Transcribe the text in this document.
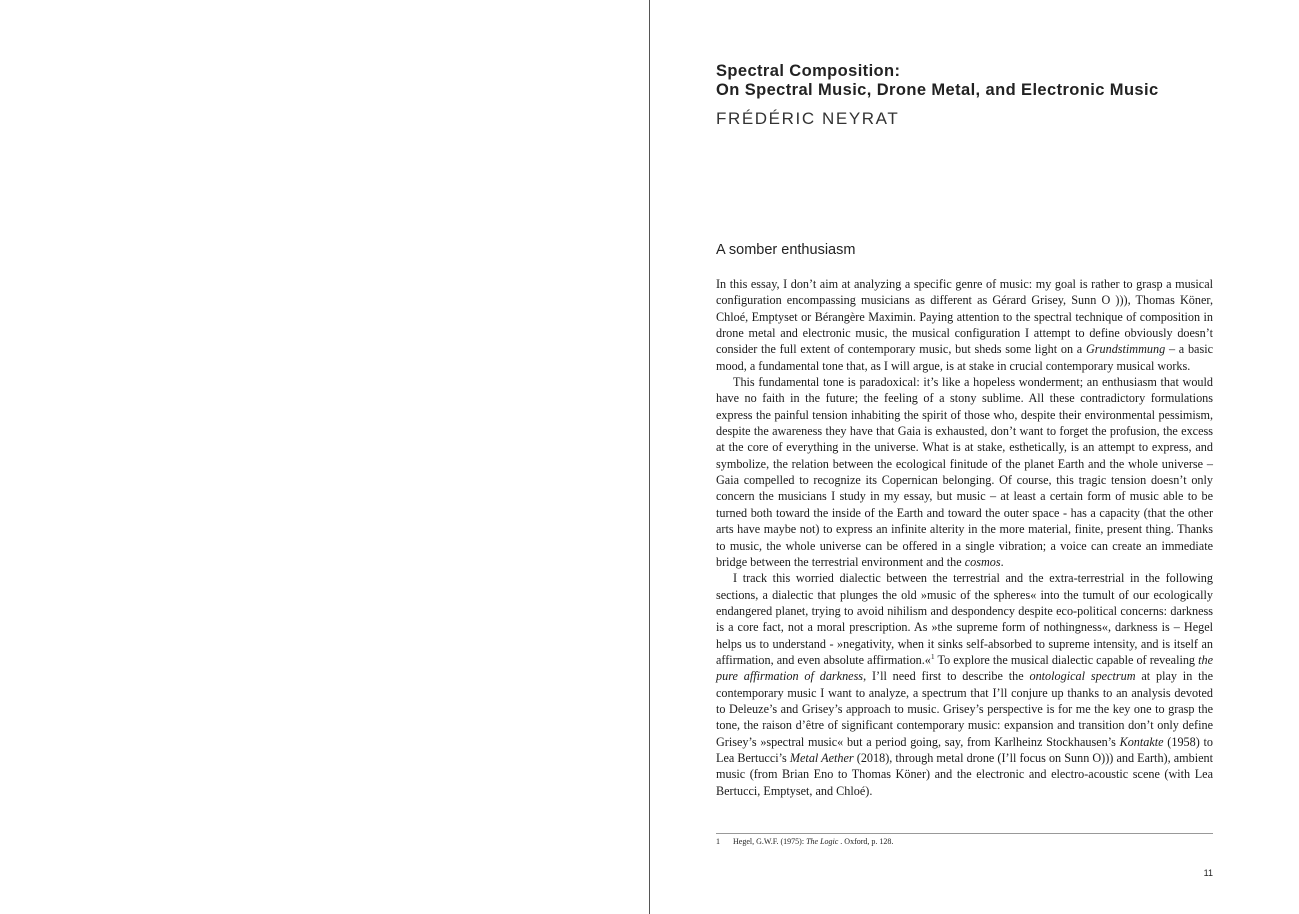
Spectral Composition:
On Spectral Music, Drone Metal, and Electronic Music
FRÉDÉRIC NEYRAT
A somber enthusiasm

In this essay, I don’t aim at analyzing a specific genre of music: my goal is rather to grasp a musical configuration encompassing musicians as different as Gérard Grisey, Sunn O ))), Thomas Köner, Chloé, Emptyset or Bérangère Maximin. Paying attention to the spectral technique of composition in drone metal and electronic music, the musical configuration I attempt to define obviously doesn’t consider the full extent of contemporary music, but sheds some light on a Grundstimmung – a basic mood, a fundamental tone that, as I will argue, is at stake in crucial contemporary musical works.

This fundamental tone is paradoxical: it’s like a hopeless wonderment; an enthusiasm that would have no faith in the future; the feeling of a stony sublime. All these contradictory formulations express the painful tension inhabiting the spirit of those who, despite their environmental pessimism, despite the awareness they have that Gaia is exhausted, don’t want to forget the profusion, the excess at the core of everything in the universe. What is at stake, esthetically, is an attempt to express, and symbolize, the relation between the ecological finitude of the planet Earth and the whole universe – Gaia compelled to recognize its Copernican belonging. Of course, this tragic tension doesn’t only concern the musicians I study in my essay, but music – at least a certain form of music able to be turned both toward the inside of the Earth and toward the outer space - has a capacity (that the other arts have maybe not) to express an infinite alterity in the more material, finite, present thing. Thanks to music, the whole universe can be offered in a single vibration; a voice can create an immediate bridge between the terrestrial environment and the cosmos.

I track this worried dialectic between the terrestrial and the extra-terrestrial in the following sections, a dialectic that plunges the old »music of the spheres« into the tumult of our ecologically endangered planet, trying to avoid nihilism and despondency despite eco-political concerns: darkness is a core fact, not a moral prescription. As »the supreme form of nothingness«, darkness is – Hegel helps us to understand - »negativity, when it sinks self-absorbed to supreme intensity, and is itself an affirmation, and even absolute affirmation.«$^1$ To explore the musical dialectic capable of revealing the pure affirmation of darkness, I’ll need first to describe the ontological spectrum at play in the contemporary music I want to analyze, a spectrum that I’ll conjure up thanks to an analysis devoted to Deleuze’s and Grisey’s approach to music. Grisey’s perspective is for me the key one to grasp the tone, the raison d’être of significant contemporary music: expansion and transition don’t only define Grisey’s »spectral music« but a period going, say, from Karlheinz Stockhausen’s Kontakte (1958) to Lea Bertucci’s Metal Aether (2018), through metal drone (I’ll focus on Sunn O))) and Earth), ambient music (from Brian Eno to Thomas Köner) and the electronic and electro-acoustic scene (with Lea Bertucci, Emptyset, and Chloé).

1 Hegel, G.W.F. (1975): The Logic . Oxford, p. 128.
11
